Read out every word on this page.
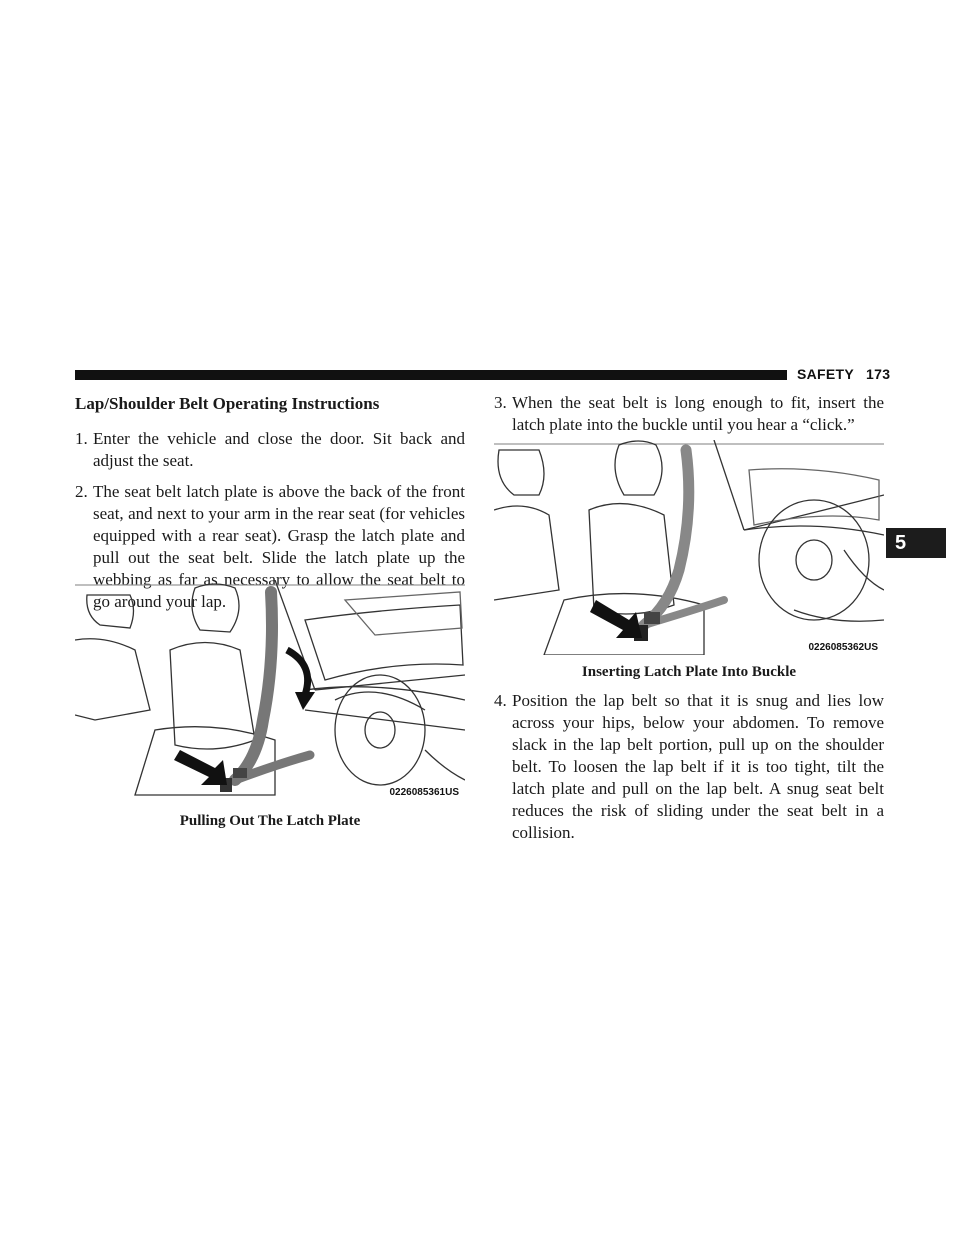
SAFETY 173
5

Lap/Shoulder Belt Operating Instructions

1. Enter the vehicle and close the door. Sit back and adjust the seat.

2. The seat belt latch plate is above the back of the front seat, and next to your arm in the rear seat (for vehicles equipped with a rear seat). Grasp the latch plate and pull out the seat belt. Slide the latch plate up the webbing as far as necessary to allow the seat belt to go around your lap.

0226085361US
Pulling Out The Latch Plate

3. When the seat belt is long enough to fit, insert the latch plate into the buckle until you hear a “click.”

0226085362US
Inserting Latch Plate Into Buckle

4. Position the lap belt so that it is snug and lies low across your hips, below your abdomen. To remove slack in the lap belt portion, pull up on the shoulder belt. To loosen the lap belt if it is too tight, tilt the latch plate and pull on the lap belt. A snug seat belt reduces the risk of sliding under the seat belt in a collision.
